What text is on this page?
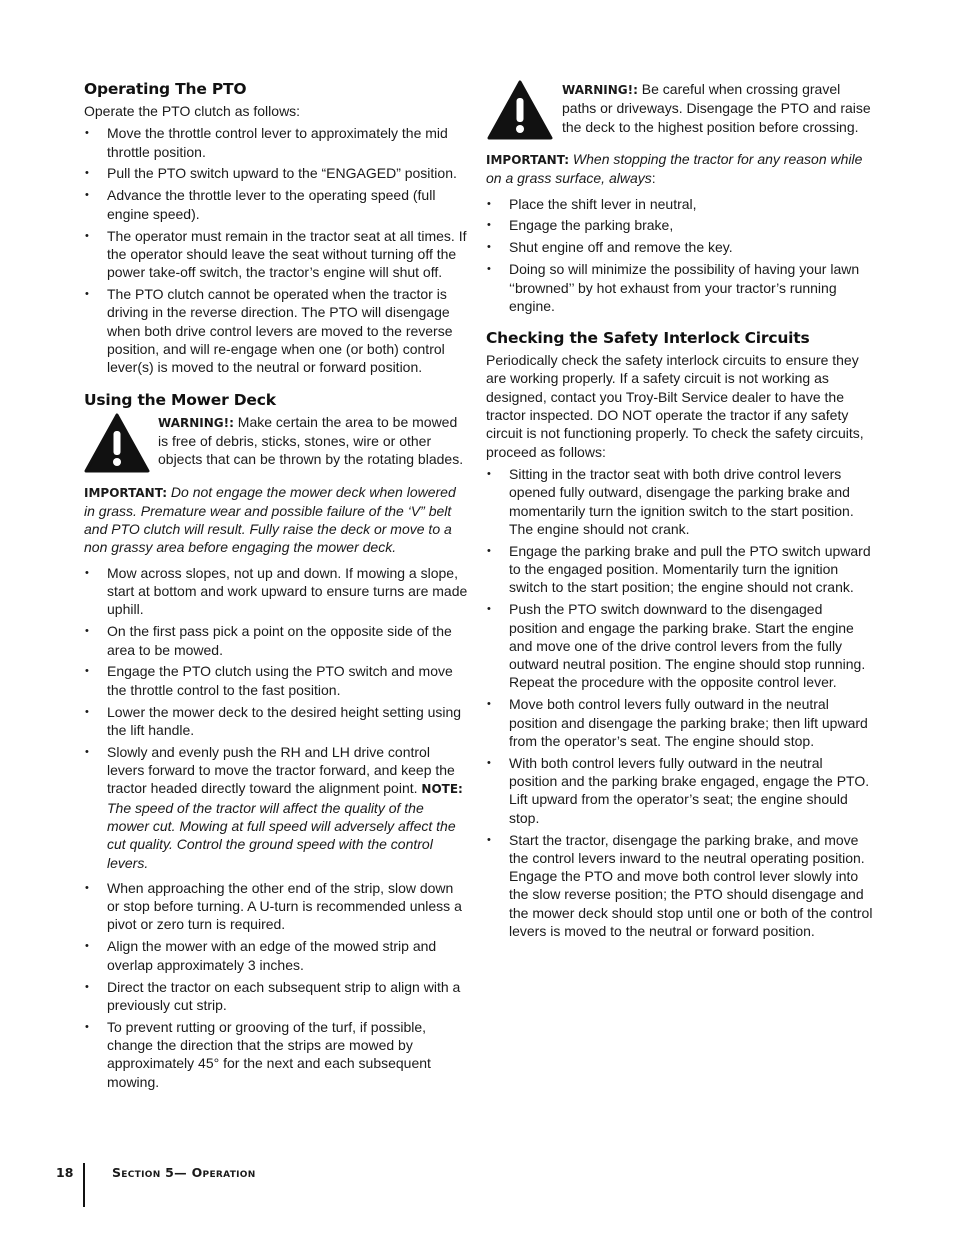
Operating The PTO

Operate the PTO clutch as follows:

• Move the throttle control lever to approximately the mid throttle position.
• Pull the PTO switch upward to the “ENGAGED” position.
• Advance the throttle lever to the operating speed (full engine speed).
• The operator must remain in the tractor seat at all times. If the operator should leave the seat without turning off the power take-off switch, the tractor’s engine will shut off.
• The PTO clutch cannot be operated when the tractor is driving in the reverse direction. The PTO will disengage when both drive control levers are moved to the reverse position, and will re-engage when one (or both) control lever(s) is moved to the neutral or forward position.
Using the Mower Deck

WARNING!: Make certain the area to be mowed is free of debris, sticks, stones, wire or other objects that can be thrown by the rotating blades.

IMPORTANT: Do not engage the mower deck when lowered in grass. Premature wear and possible failure of the ‘V” belt and PTO clutch will result. Fully raise the deck or move to a non grassy area before engaging the mower deck.

• Mow across slopes, not up and down. If mowing a slope, start at bottom and work upward to ensure turns are made uphill.
• On the first pass pick a point on the opposite side of the area to be mowed.
• Engage the PTO clutch using the PTO switch and move the throttle control to the fast position.
• Lower the mower deck to the desired height setting using the lift handle.
• Slowly and evenly push the RH and LH drive control levers forward to move the tractor forward, and keep the tractor headed directly toward the alignment point. NOTE: The speed of the tractor will affect the quality of the mower cut. Mowing at full speed will adversely affect the cut quality. Control the ground speed with the control levers.
• When approaching the other end of the strip, slow down or stop before turning. A U-turn is recommended unless a pivot or zero turn is required.
• Align the mower with an edge of the mowed strip and overlap approximately 3 inches.
• Direct the tractor on each subsequent strip to align with a previously cut strip.
• To prevent rutting or grooving of the turf, if possible, change the direction that the strips are mowed by approximately 45° for the next and each subsequent mowing.

WARNING!: Be careful when crossing gravel paths or driveways. Disengage the PTO and raise the deck to the highest position before crossing.

IMPORTANT: When stopping the tractor for any reason while on a grass surface, always:

• Place the shift lever in neutral,
• Engage the parking brake,
• Shut engine off and remove the key.
• Doing so will minimize the possibility of having your lawn ‘‘browned’’ by hot exhaust from your tractor’s running engine.
Checking the Safety Interlock Circuits

Periodically check the safety interlock circuits to ensure they are working properly. If a safety circuit is not working as designed, contact you Troy-Bilt Service dealer to have the tractor inspected. DO NOT operate the tractor if any safety circuit is not functioning properly. To check the safety circuits, proceed as follows:

• Sitting in the tractor seat with both drive control levers opened fully outward, disengage the parking brake and momentarily turn the ignition switch to the start position. The engine should not crank.
• Engage the parking brake and pull the PTO switch upward to the engaged position. Momentarily turn the ignition switch to the start position; the engine should not crank.
• Push the PTO switch downward to the disengaged position and engage the parking brake. Start the engine and move one of the drive control levers from the fully outward neutral position. The engine should stop running. Repeat the procedure with the opposite control lever.
• Move both control levers fully outward in the neutral position and disengage the parking brake; then lift upward from the operator’s seat. The engine should stop.
• With both control levers fully outward in the neutral position and the parking brake engaged, engage the PTO. Lift upward from the operator’s seat; the engine should stop.
• Start the tractor, disengage the parking brake, and move the control levers inward to the neutral operating position. Engage the PTO and move both control lever slowly into the slow reverse position; the PTO should disengage and the mower deck should stop until one or both of the control levers is moved to the neutral or forward position.
18	Section 5— Operation
